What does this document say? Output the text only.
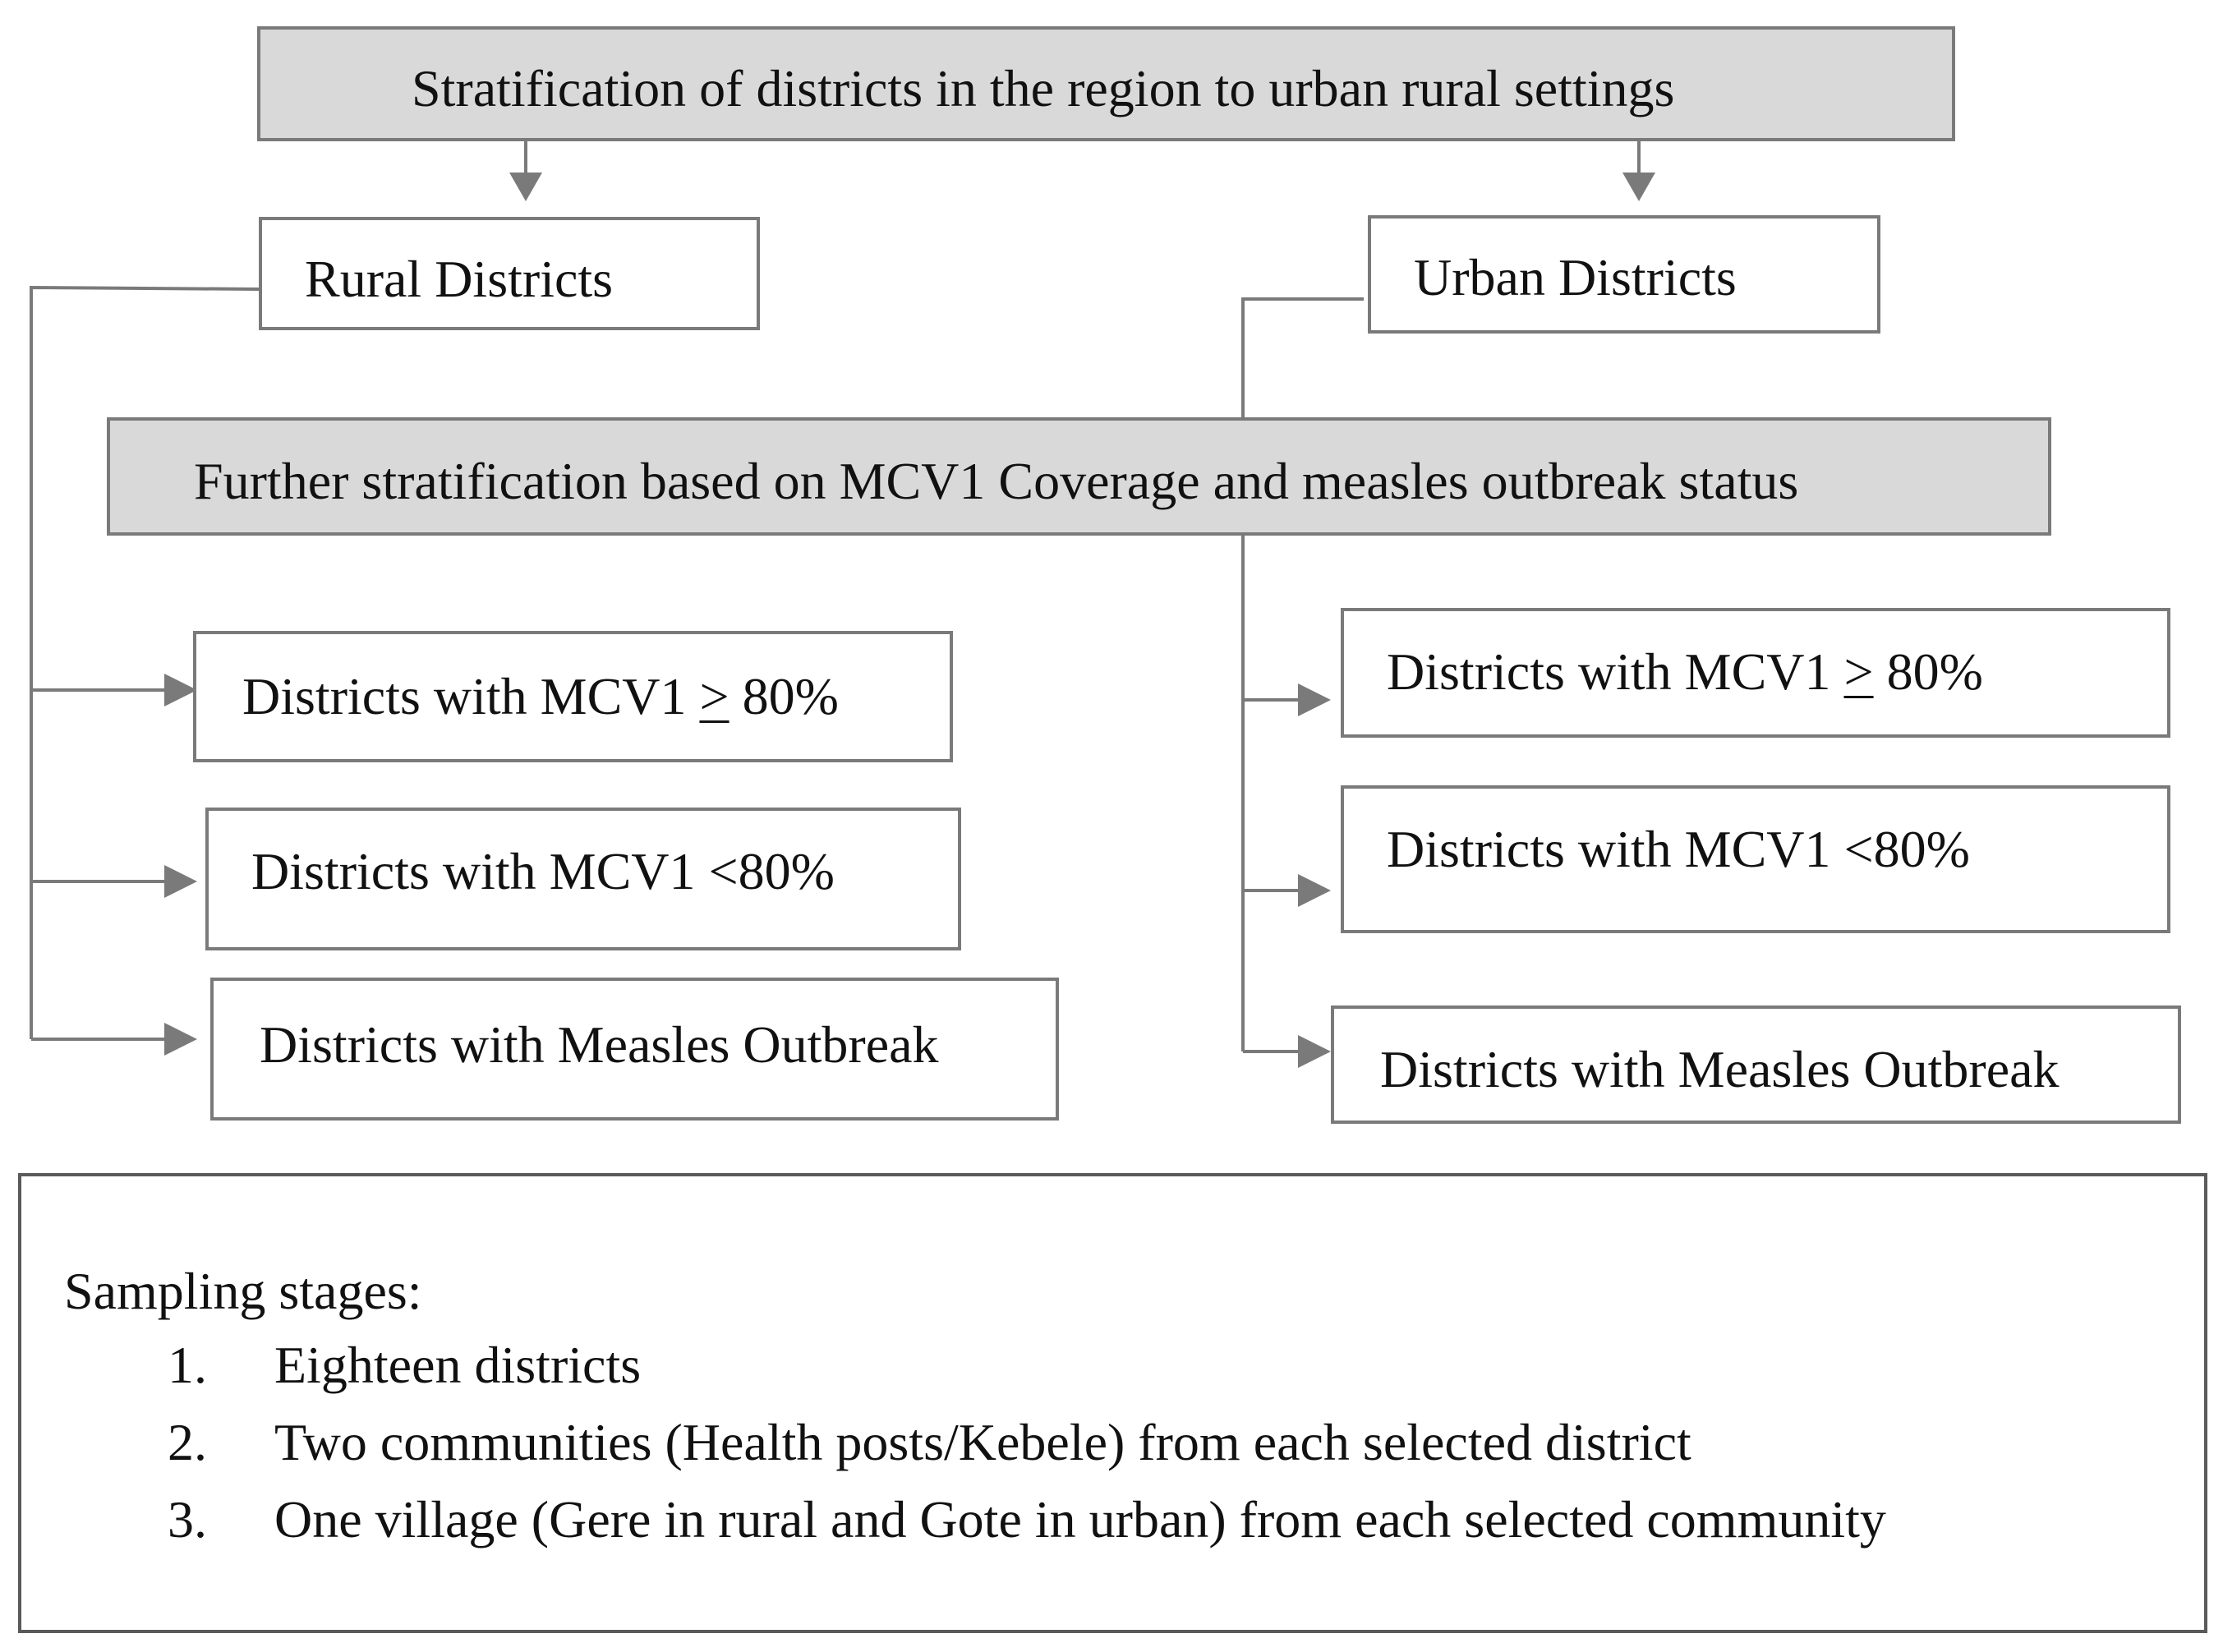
Stratification of districts in the region to urban rural settings
Rural Districts	Urban Districts
Further stratification based on MCV1 Coverage and measles outbreak status
Districts with MCV1 > 80%
Districts with MCV1 <80%
Districts with Measles Outbreak
Districts with MCV1 > 80%
Districts with MCV1 <80%
Districts with Measles Outbreak
Sampling stages:
1. Eighteen districts
2. Two communities (Health posts/Kebele) from each selected district
3. One village (Gere in rural and Gote in urban) from each selected community
